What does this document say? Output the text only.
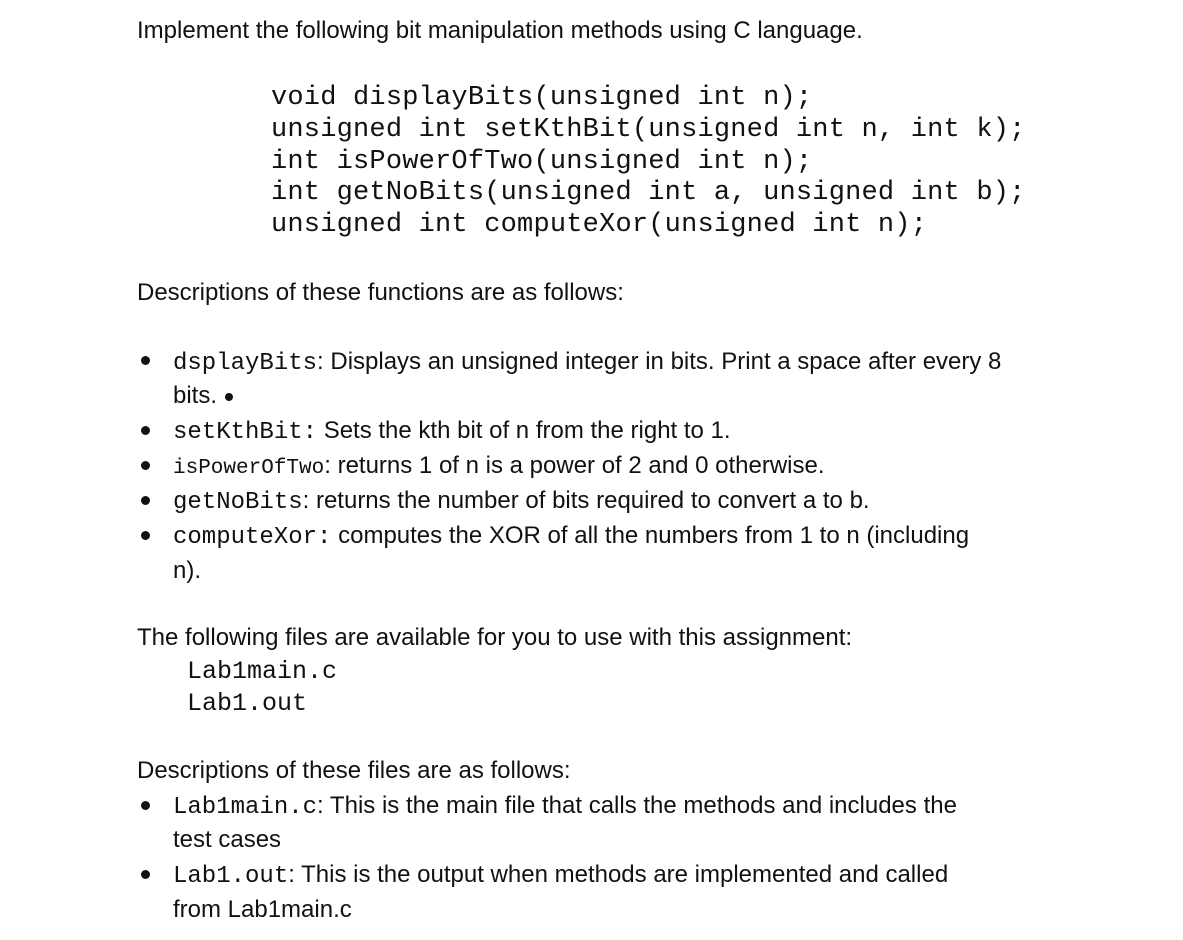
Implement the following bit manipulation methods using C language.
void displayBits(unsigned int n);
unsigned int setKthBit(unsigned int n, int k);
int isPowerOfTwo(unsigned int n);
int getNoBits(unsigned int a, unsigned int b);
unsigned int computeXor(unsigned int n);
Descriptions of these functions are as follows:
dsplayBits: Displays an unsigned integer in bits. Print a space after every 8
bits.
setKthBit: Sets the kth bit of n from the right to 1.
isPowerOfTwo: returns 1 of n is a power of 2 and 0 otherwise.
getNoBits: returns the number of bits required to convert a to b.
computeXor: computes the XOR of all the numbers from 1 to n (including
n).
The following files are available for you to use with this assignment:
Lab1main.c
Lab1.out
Descriptions of these files are as follows:
Lab1main.c: This is the main file that calls the methods and includes the
test cases
Lab1.out: This is the output when methods are implemented and called
from Lab1main.c
